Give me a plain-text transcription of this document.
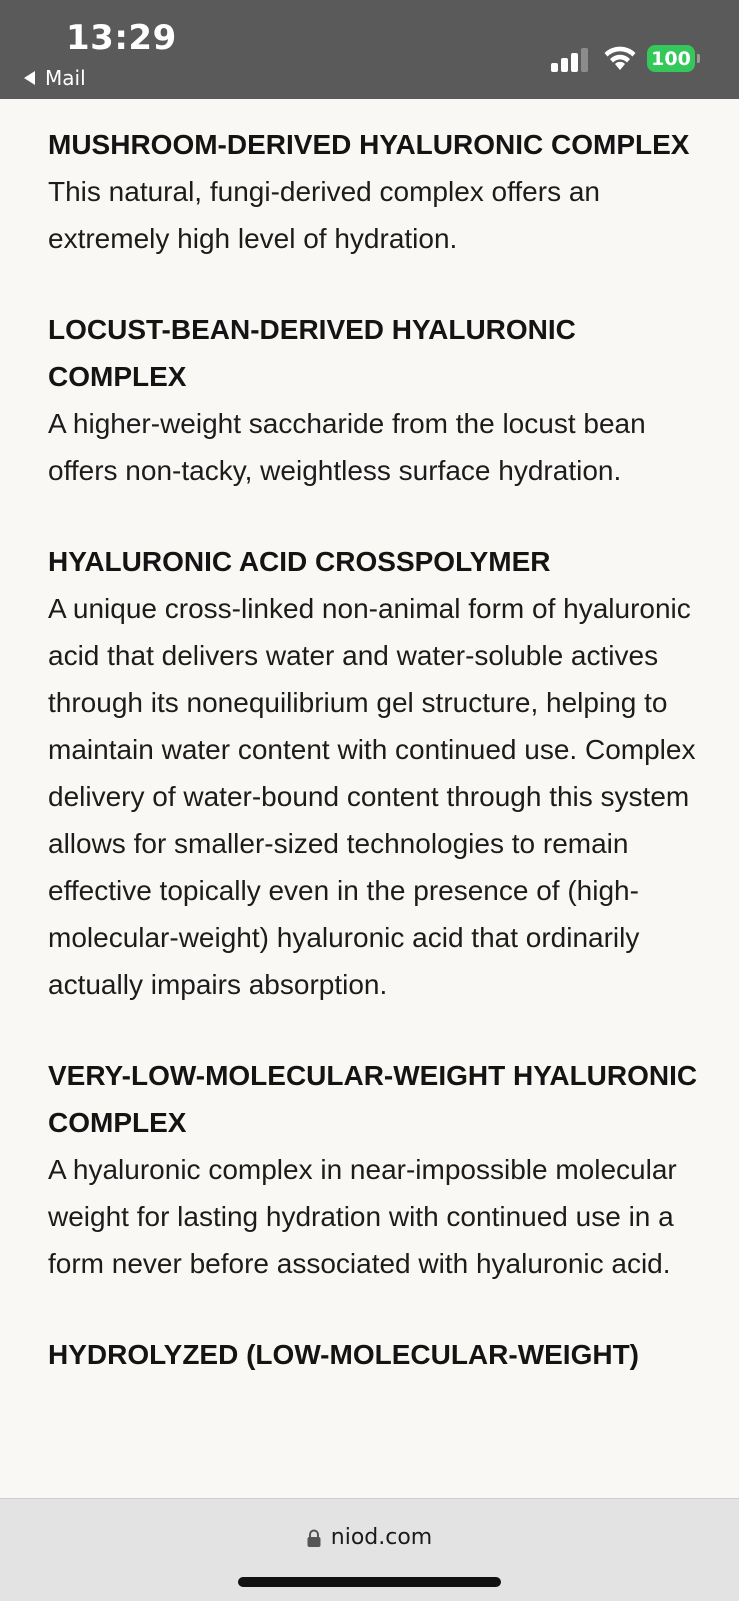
13:29
Mail
100
MUSHROOM-DERIVED HYALURONIC COMPLEX

This natural, fungi-derived complex offers an extremely high level of hydration.

LOCUST-BEAN-DERIVED HYALURONIC COMPLEX

A higher-weight saccharide from the locust bean offers non-tacky, weightless surface hydration.

HYALURONIC ACID CROSSPOLYMER

A unique cross-linked non-animal form of hyaluronic acid that delivers water and water-soluble actives through its nonequilibrium gel structure, helping to maintain water content with continued use. Complex delivery of water-bound content through this system allows for smaller-sized technologies to remain effective topically even in the presence of (high-molecular-weight) hyaluronic acid that ordinarily actually impairs absorption.

VERY-LOW-MOLECULAR-WEIGHT HYALURONIC COMPLEX

A hyaluronic complex in near-impossible molecular weight for lasting hydration with continued use in a form never before associated with hyaluronic acid.

HYDROLYZED (LOW-MOLECULAR-WEIGHT)

niod.com
